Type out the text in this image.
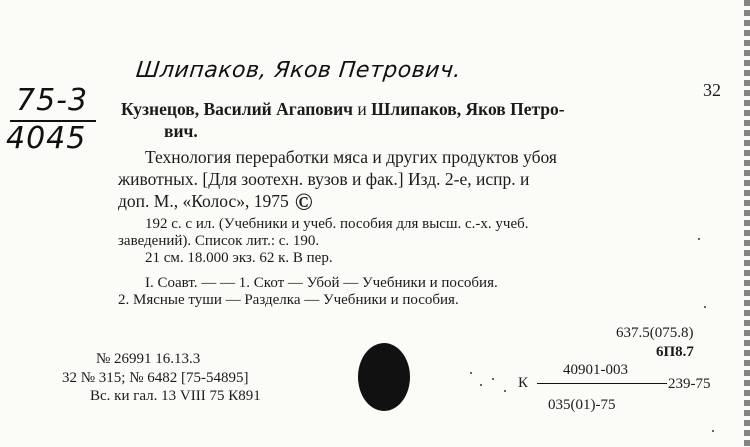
Шлипаков, Яков Петрович.
75-3
4045
32
Кузнецов, Василий Агапович и Шлипаков, Яков Петро-
вич.
Технология переработки мяса и других продуктов убоя
животных. [Для зоотехн. вузов и фак.] Изд. 2-е, испр. и
доп. М., «Колос», 1975 ©
192 с. с ил. (Учебники и учеб. пособия для высш. с.-х. учеб.
заведений). Список лит.: с. 190.
21 см. 18.000 экз. 62 к. В пер.
I. Соавт. — — 1. Скот — Убой — Учебники и пособия.
2. Мясные туши — Разделка — Учебники и пособия.
637.5(075.8)
6П8.7
№ 26991 16.13.3
32 № 315; № 6482 [75-54895]
Вс. ки гал. 13 VIII 75 К891
40901-003
К	239-75
035(01)-75
